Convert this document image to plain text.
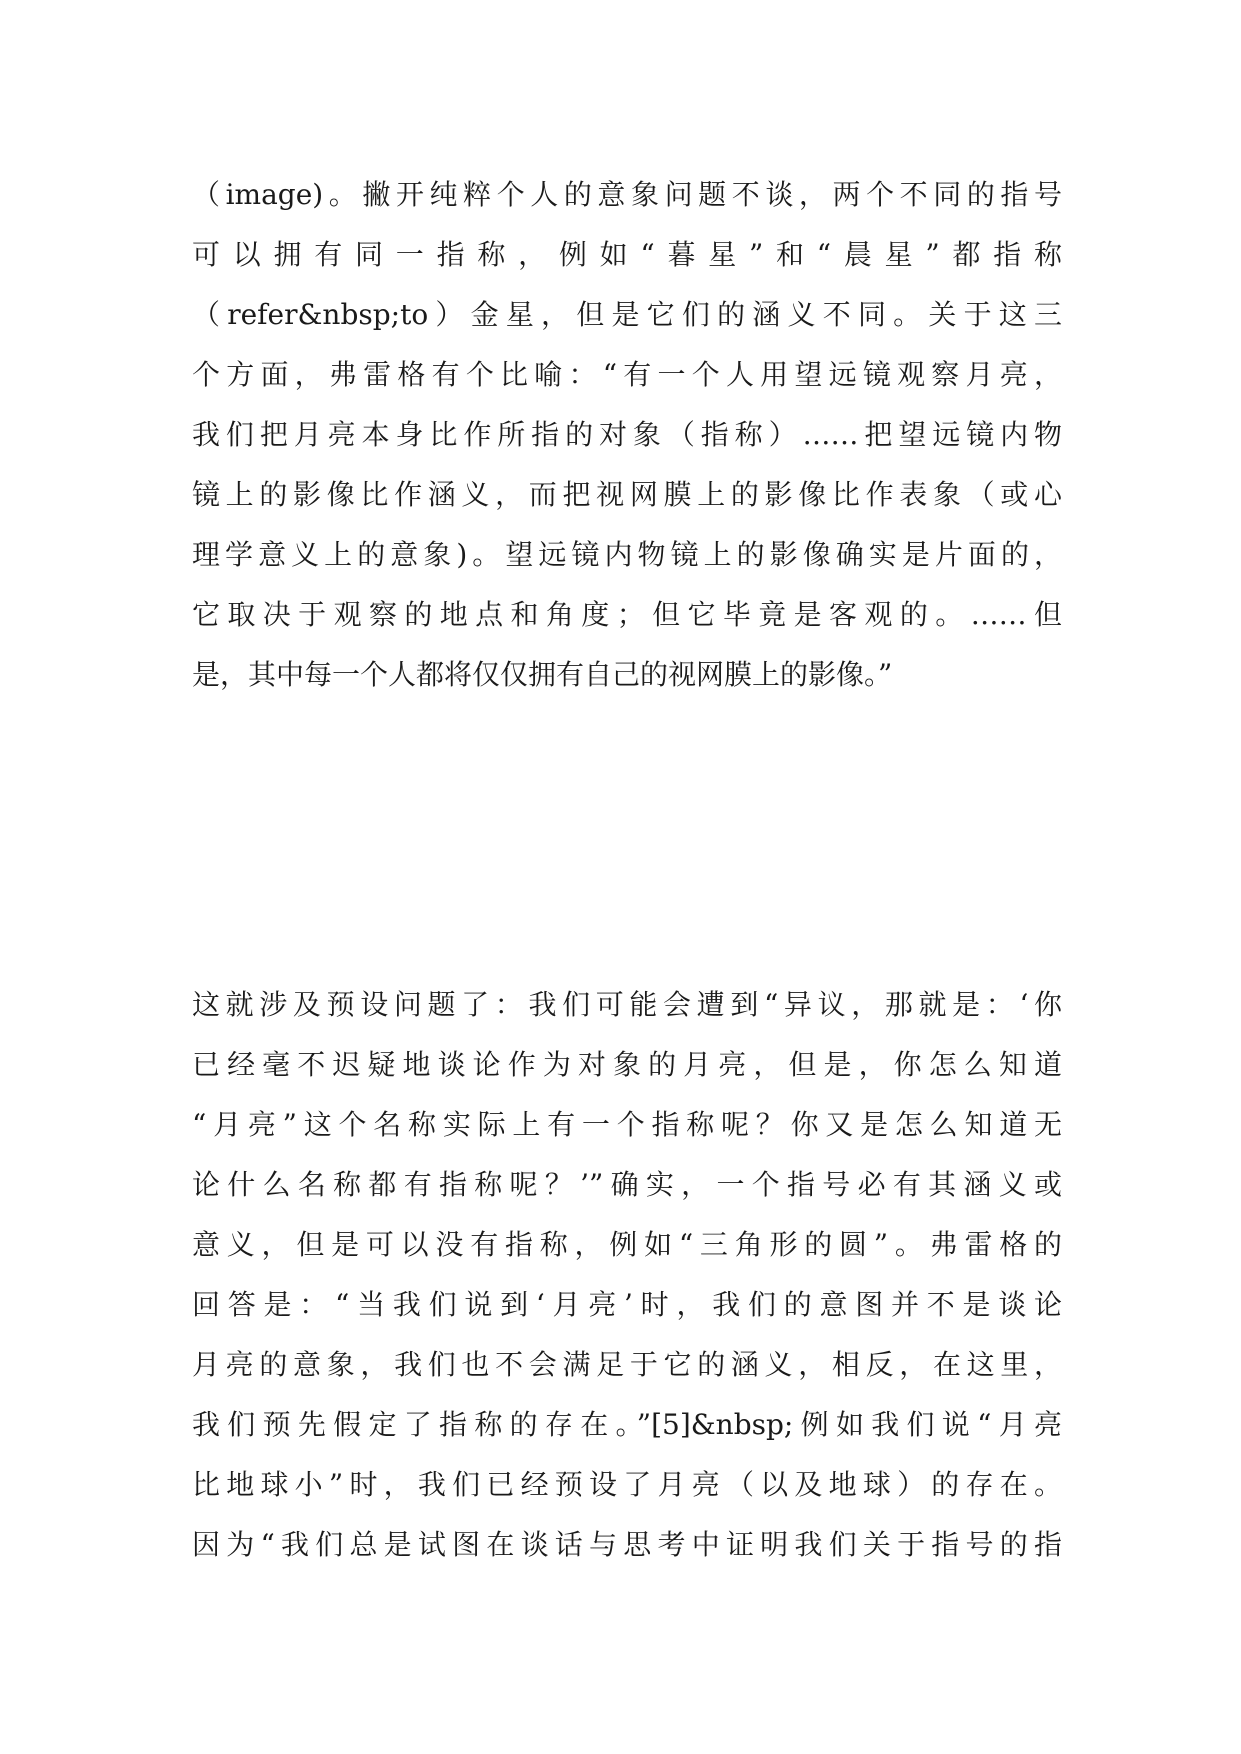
（image)。撇开纯粹个人的意象问题不谈，两个不同的指号
可以拥有同一指称，例如“暮星”和“晨星”都指称
（refer&nbsp;to）金星，但是它们的涵义不同。关于这三
个方面，弗雷格有个比喻：“有一个人用望远镜观察月亮，
我们把月亮本身比作所指的对象（指称）……把望远镜内物
镜上的影像比作涵义，而把视网膜上的影像比作表象（或心
理学意义上的意象)。望远镜内物镜上的影像确实是片面的，
它取决于观察的地点和角度；但它毕竟是客观的。……但
是，其中每一个人都将仅仅拥有自己的视网膜上的影像。”
这就涉及预设问题了：我们可能会遭到“异议，那就是：‘你
已经毫不迟疑地谈论作为对象的月亮，但是，你怎么知道
“月亮”这个名称实际上有一个指称呢？你又是怎么知道无
论什么名称都有指称呢？’”确实，一个指号必有其涵义或
意义，但是可以没有指称，例如“三角形的圆”。弗雷格的
回答是：“当我们说到‘月亮’时，我们的意图并不是谈论
月亮的意象，我们也不会满足于它的涵义，相反，在这里，
我们预先假定了指称的存在。”[5]&nbsp;例如我们说“月亮
比地球小”时，我们已经预设了月亮（以及地球）的存在。
因为“我们总是试图在谈话与思考中证明我们关于指号的指
